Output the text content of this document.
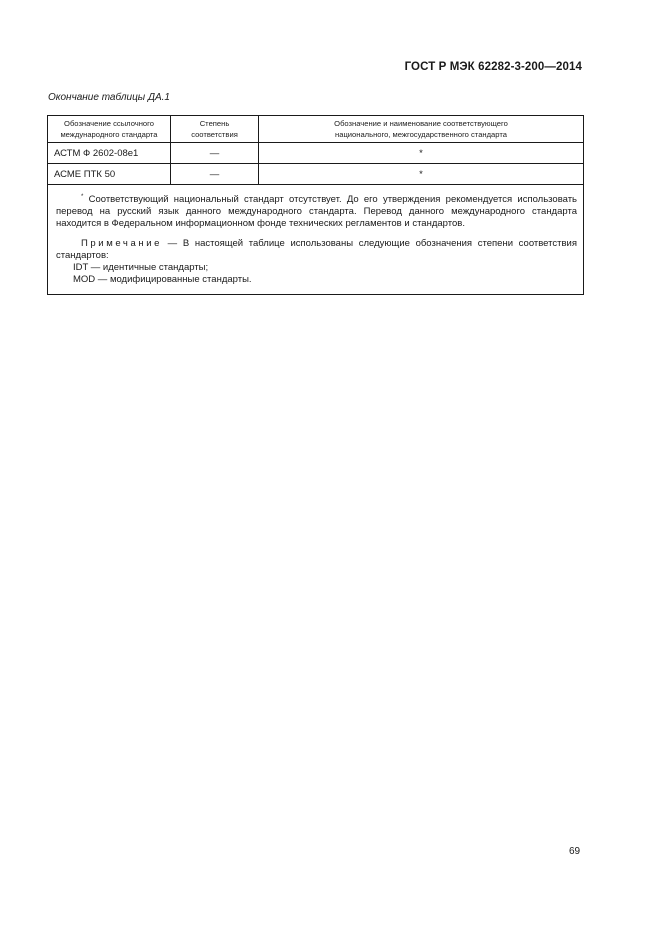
ГОСТ Р МЭК 62282-3-200—2014
Окончание таблицы ДА.1
Обозначение ссылочного международного стандарта	Степень соответствия	Обозначение и наименование соответствующего национального, межгосударственного стандарта
АСТМ Ф 2602-08е1	—	*
АСМЕ ПТК 50	—	*

* Соответствующий национальный стандарт отсутствует. До его утверждения рекомендуется использовать перевод на русский язык данного международного стандарта. Перевод данного международного стандарта находится в Федеральном информационном фонде технических регламентов и стандартов.

Примечание — В настоящей таблице использованы следующие обозначения степени соответствия стандартов:

IDT — идентичные стандарты;

MOD — модифицированные стандарты.		

69
